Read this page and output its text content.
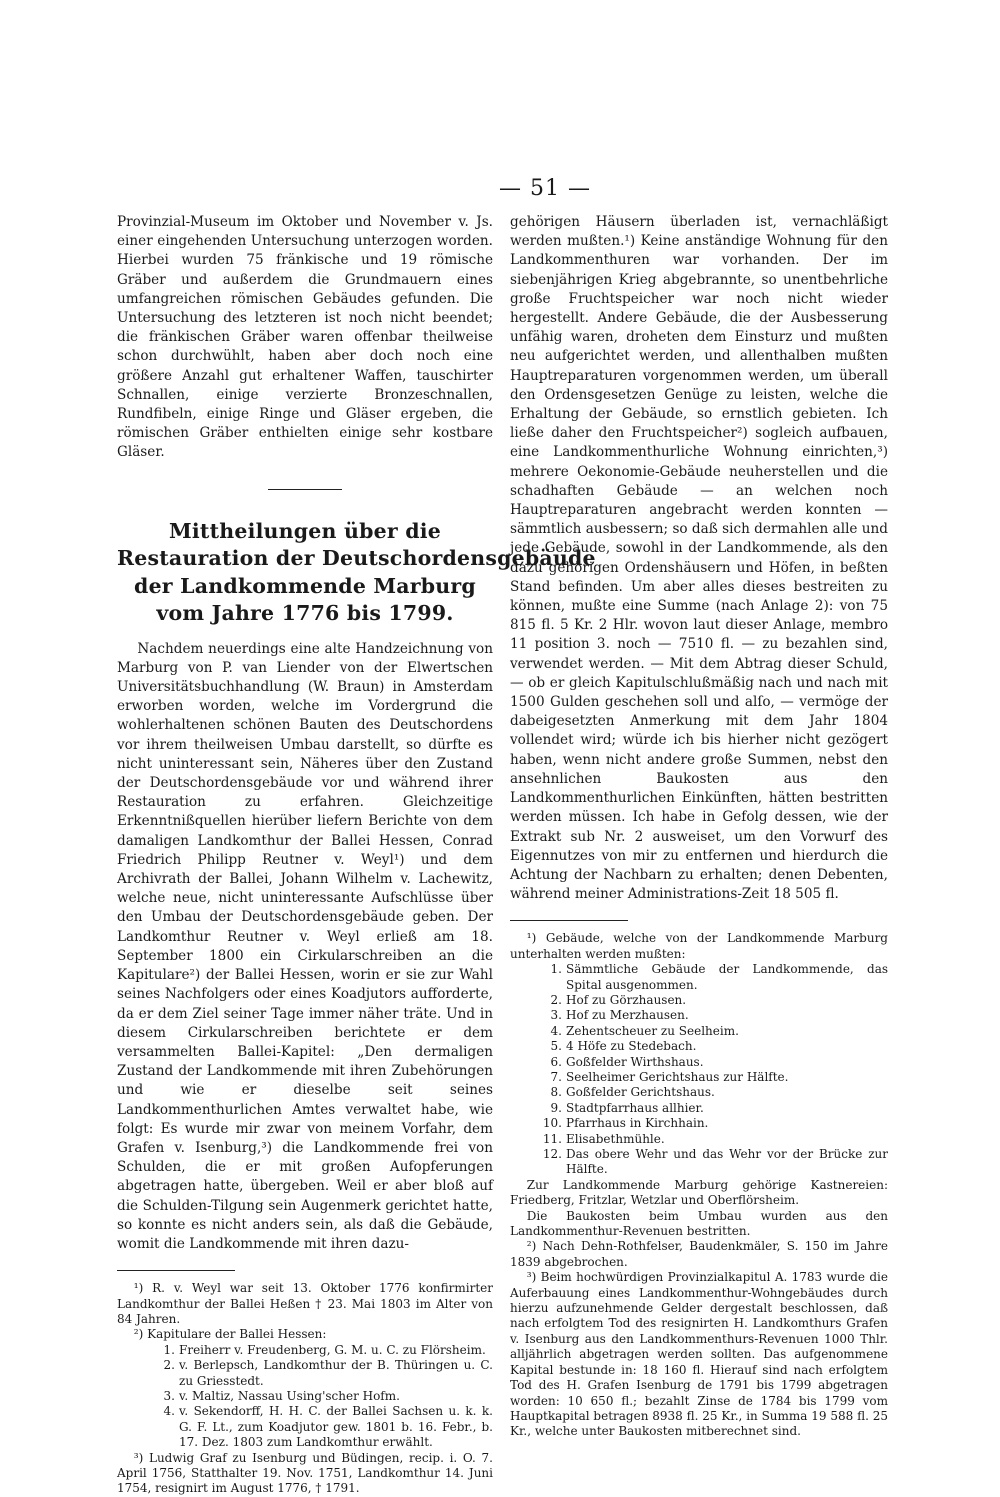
— 51 —

Provinzial-Museum im Oktober und November v. Js. einer eingehenden Untersuchung unterzogen worden. Hierbei wurden 75 fränkische und 19 römische Gräber und außerdem die Grundmauern eines umfangreichen römischen Gebäudes gefunden. Die Untersuchung des letzteren ist noch nicht beendet; die fränkischen Gräber waren offenbar theilweise schon durchwühlt, haben aber doch noch eine größere Anzahl gut erhaltener Waffen, tauschirter Schnallen, einige verzierte Bronzeschnallen, Rundfibeln, einige Ringe und Gläser ergeben, die römischen Gräber enthielten einige sehr kostbare Gläser.

Mittheilungen über die
Restauration der Deutschordensgebäude
der Landkommende Marburg
vom Jahre 1776 bis 1799.

Nachdem neuerdings eine alte Handzeichnung von Marburg von P. van Liender von der Elwertschen Universitätsbuchhandlung (W. Braun) in Amsterdam erworben worden, welche im Vordergrund die wohlerhaltenen schönen Bauten des Deutschordens vor ihrem theilweisen Umbau darstellt, so dürfte es nicht uninteressant sein, Näheres über den Zustand der Deutschordensgebäude vor und während ihrer Restauration zu erfahren. Gleichzeitige Erkenntnißquellen hierüber liefern Berichte von dem damaligen Landkomthur der Ballei Hessen, Conrad Friedrich Philipp Reutner v. Weyl¹) und dem Archivrath der Ballei, Johann Wilhelm v. Lachewitz, welche neue, nicht uninteressante Aufschlüsse über den Umbau der Deutschordensgebäude geben. Der Landkomthur Reutner v. Weyl erließ am 18. September 1800 ein Cirkularschreiben an die Kapitulare²) der Ballei Hessen, worin er sie zur Wahl seines Nachfolgers oder eines Koadjutors aufforderte, da er dem Ziel seiner Tage immer näher träte. Und in diesem Cirkularschreiben berichtete er dem versammelten Ballei-Kapitel: „Den dermaligen Zustand der Landkommende mit ihren Zubehörungen und wie er dieselbe seit seines Landkommenthurlichen Amtes verwaltet habe, wie folgt: Es wurde mir zwar von meinem Vorfahr, dem Grafen v. Isenburg,³) die Landkommende frei von Schulden, die er mit großen Aufopferungen abgetragen hatte, übergeben. Weil er aber bloß auf die Schulden-Tilgung sein Augenmerk gerichtet hatte, so konnte es nicht anders sein, als daß die Gebäude, womit die Landkommende mit ihren dazu-

¹) R. v. Weyl war seit 13. Oktober 1776 konfirmirter Landkomthur der Ballei Heßen † 23. Mai 1803 im Alter von 84 Jahren.

²) Kapitulare der Ballei Hessen:

1. Freiherr v. Freudenberg, G. M. u. C. zu Flörsheim.
2. v. Berlepsch, Landkomthur der B. Thüringen u. C. zu Griesstedt.
3. v. Maltiz, Nassau Using'scher Hofm.
4. v. Sekendorff, H. H. C. der Ballei Sachsen u. k. k. G. F. Lt., zum Koadjutor gew. 1801 b. 16. Febr., b. 17. Dez. 1803 zum Landkomthur erwählt.

³) Ludwig Graf zu Isenburg und Büdingen, recip. i. O. 7. April 1756, Statthalter 19. Nov. 1751, Landkomthur 14. Juni 1754, resignirt im August 1776, † 1791.

gehörigen Häusern überladen ist, vernachläßigt werden mußten.¹) Keine anständige Wohnung für den Landkommenthuren war vorhanden. Der im siebenjährigen Krieg abgebrannte, so unentbehrliche große Fruchtspeicher war noch nicht wieder hergestellt. Andere Gebäude, die der Ausbesserung unfähig waren, droheten dem Einsturz und mußten neu aufgerichtet werden, und allenthalben mußten Hauptreparaturen vorgenommen werden, um überall den Ordensgesetzen Genüge zu leisten, welche die Erhaltung der Gebäude, so ernstlich gebieten. Ich ließe daher den Fruchtspeicher²) sogleich aufbauen, eine Landkommenthurliche Wohnung einrichten,³) mehrere Oekonomie-Gebäude neuherstellen und die schadhaften Gebäude — an welchen noch Hauptreparaturen angebracht werden konnten — sämmtlich ausbessern; so daß sich dermahlen alle und jede Gebäude, sowohl in der Landkommende, als den dazu gehörigen Ordenshäusern und Höfen, in beßten Stand befinden. Um aber alles dieses bestreiten zu können, mußte eine Summe (nach Anlage 2): von 75 815 fl. 5 Kr. 2 Hlr. wovon laut dieser Anlage, membro 11 position 3. noch — 7510 fl. — zu bezahlen sind, verwendet werden. — Mit dem Abtrag dieser Schuld, — ob er gleich Kapitulschlußmäßig nach und nach mit 1500 Gulden geschehen soll und alſo, — vermöge der dabeigesetzten Anmerkung mit dem Jahr 1804 vollendet wird; würde ich bis hierher nicht gezögert haben, wenn nicht andere große Summen, nebst den ansehnlichen Baukosten aus den Landkommenthurlichen Einkünften, hätten bestritten werden müssen. Ich habe in Gefolg dessen, wie der Extrakt sub Nr. 2 ausweiset, um den Vorwurf des Eigennutzes von mir zu entfernen und hierdurch die Achtung der Nachbarn zu erhalten; denen Debenten, während meiner Administrations-Zeit 18 505 fl.

¹) Gebäude, welche von der Landkommende Marburg unterhalten werden mußten:

1. Sämmtliche Gebäude der Landkommende, das Spital ausgenommen.
2. Hof zu Görzhausen.
3. Hof zu Merzhausen.
4. Zehentscheuer zu Seelheim.
5. 4 Höfe zu Stedebach.
6. Goßfelder Wirthshaus.
7. Seelheimer Gerichtshaus zur Hälfte.
8. Goßfelder Gerichtshaus.
9. Stadtpfarrhaus allhier.
10. Pfarrhaus in Kirchhain.
11. Elisabethmühle.
12. Das obere Wehr und das Wehr vor der Brücke zur Hälfte.

Zur Landkommende Marburg gehörige Kastnereien: Friedberg, Fritzlar, Wetzlar und Oberflörsheim.

Die Baukosten beim Umbau wurden aus den Landkommenthur-Revenuen bestritten.

²) Nach Dehn-Rothfelser, Baudenkmäler, S. 150 im Jahre 1839 abgebrochen.

³) Beim hochwürdigen Provinzialkapitul A. 1783 wurde die Auferbauung eines Landkommenthur-Wohngebäudes durch hierzu aufzunehmende Gelder dergestalt beschlossen, daß nach erfolgtem Tod des resignirten H. Landkomthurs Grafen v. Isenburg aus den Landkommenthurs-Revenuen 1000 Thlr. alljährlich abgetragen werden sollten. Das aufgenommene Kapital bestunde in: 18 160 fl. Hierauf sind nach erfolgtem Tod des H. Grafen Isenburg de 1791 bis 1799 abgetragen worden: 10 650 fl.; bezahlt Zinse de 1784 bis 1799 vom Hauptkapital betragen 8938 fl. 25 Kr., in Summa 19 588 fl. 25 Kr., welche unter Baukosten mitberechnet sind.
